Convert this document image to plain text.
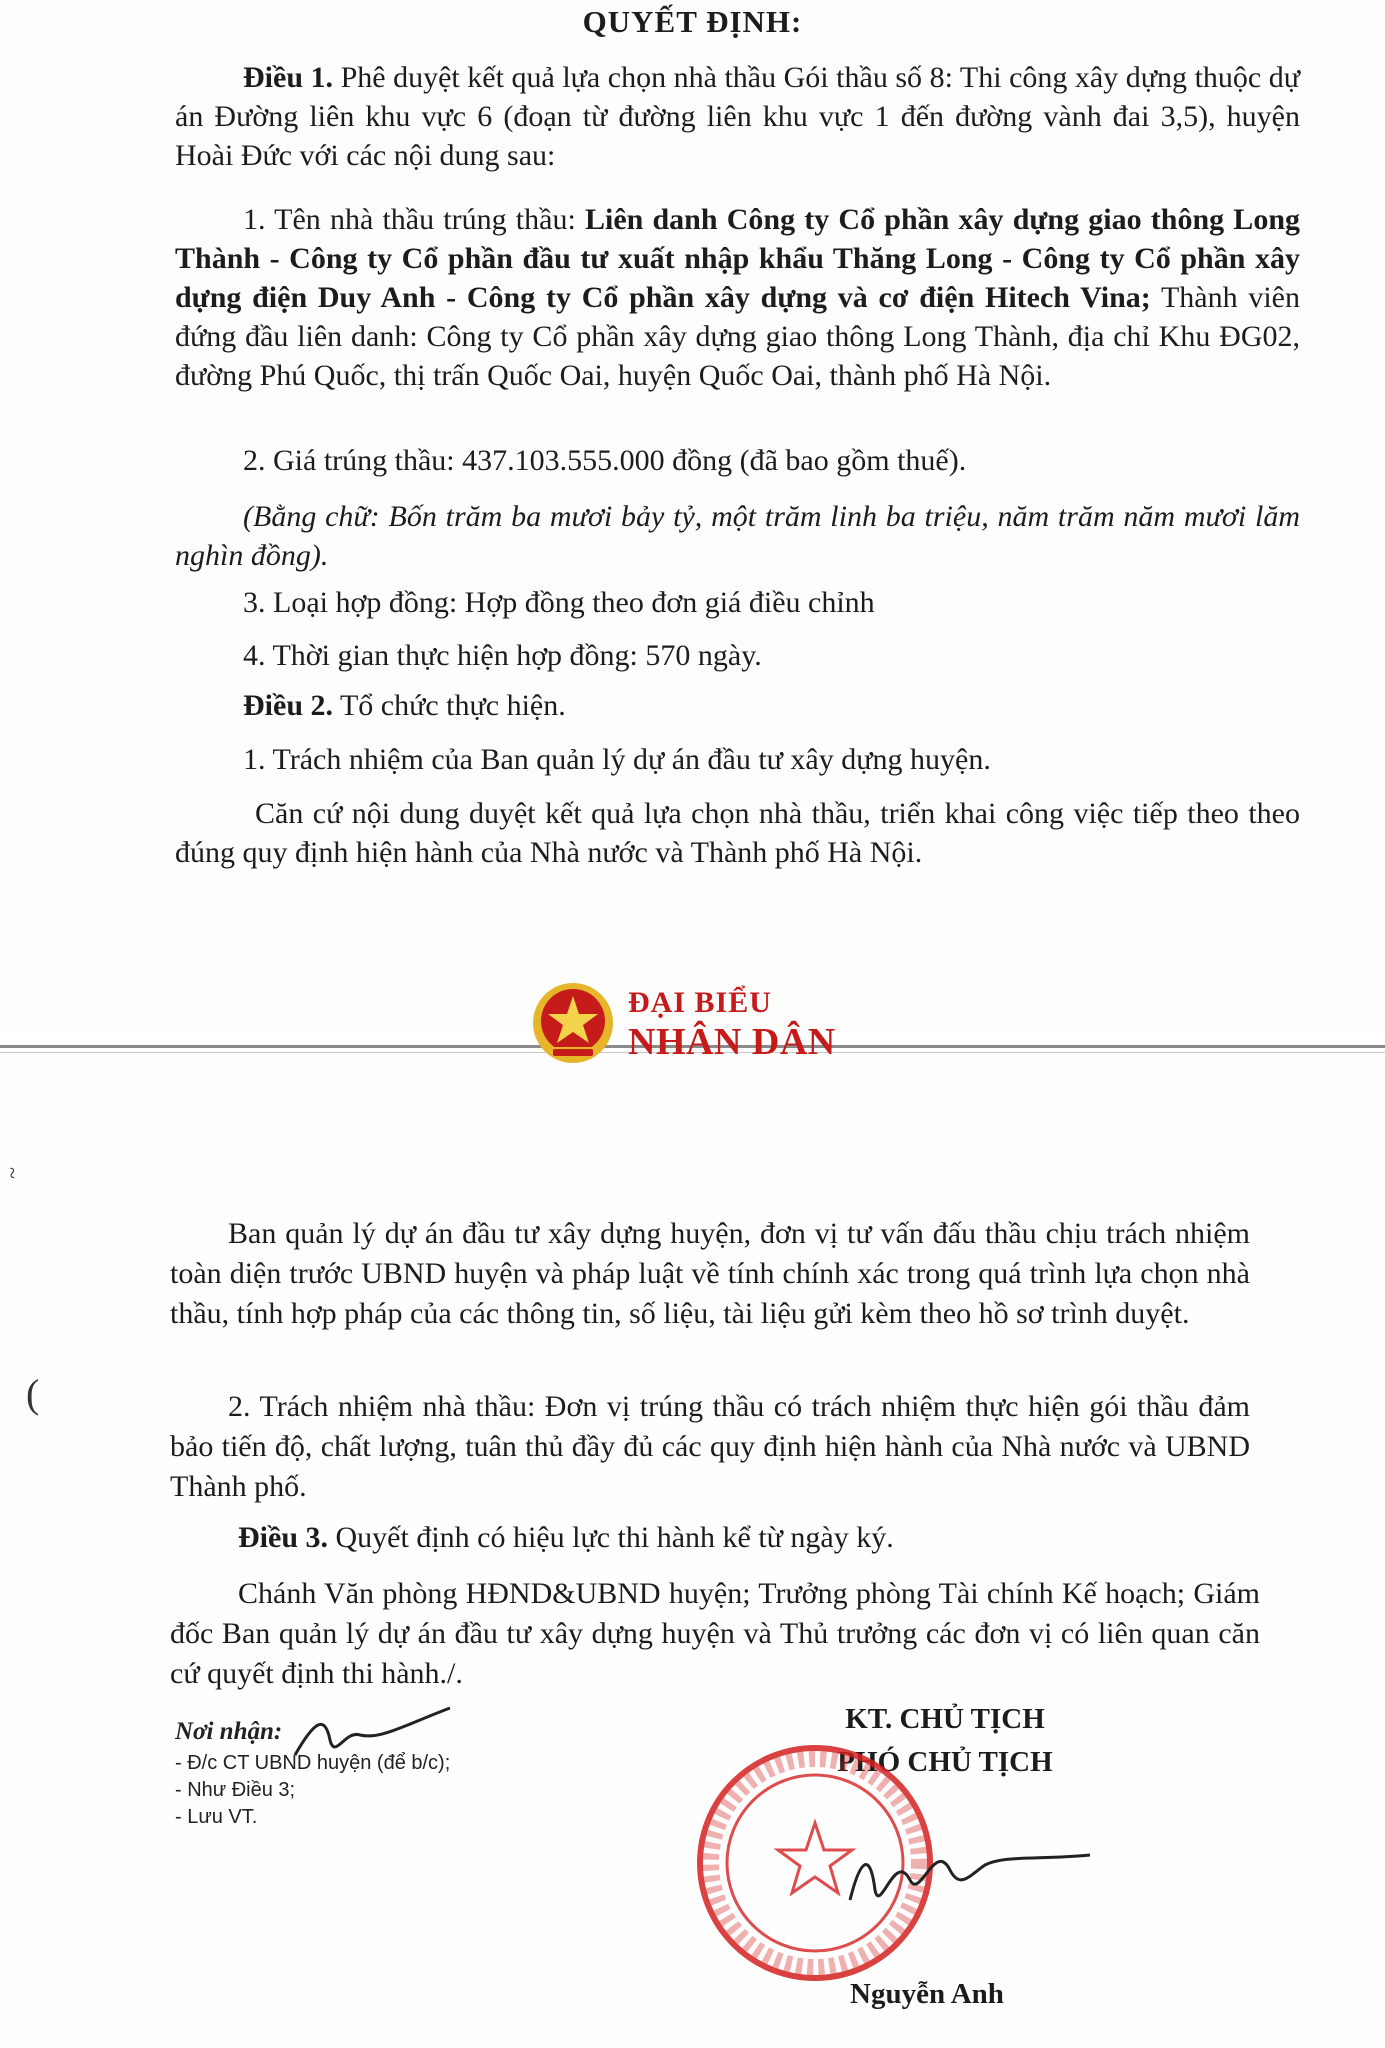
QUYẾT ĐỊNH:

Điều 1. Phê duyệt kết quả lựa chọn nhà thầu Gói thầu số 8: Thi công xây dựng thuộc dự án Đường liên khu vực 6 (đoạn từ đường liên khu vực 1 đến đường vành đai 3,5), huyện Hoài Đức với các nội dung sau:

1. Tên nhà thầu trúng thầu: Liên danh Công ty Cổ phần xây dựng giao thông Long Thành - Công ty Cổ phần đầu tư xuất nhập khẩu Thăng Long - Công ty Cổ phần xây dựng điện Duy Anh - Công ty Cổ phần xây dựng và cơ điện Hitech Vina; Thành viên đứng đầu liên danh: Công ty Cổ phần xây dựng giao thông Long Thành, địa chỉ Khu ĐG02, đường Phú Quốc, thị trấn Quốc Oai, huyện Quốc Oai, thành phố Hà Nội.

2. Giá trúng thầu: 437.103.555.000 đồng (đã bao gồm thuế).

(Bằng chữ: Bốn trăm ba mươi bảy tỷ, một trăm linh ba triệu, năm trăm năm mươi lăm nghìn đồng).

3. Loại hợp đồng: Hợp đồng theo đơn giá điều chỉnh

4. Thời gian thực hiện hợp đồng: 570 ngày.

Điều 2. Tổ chức thực hiện.

1. Trách nhiệm của Ban quản lý dự án đầu tư xây dựng huyện.

Căn cứ nội dung duyệt kết quả lựa chọn nhà thầu, triển khai công việc tiếp theo theo đúng quy định hiện hành của Nhà nước và Thành phố Hà Nội.

ĐẠI BIỂU
NHÂN DÂN
~
(

Ban quản lý dự án đầu tư xây dựng huyện, đơn vị tư vấn đấu thầu chịu trách nhiệm toàn diện trước UBND huyện và pháp luật về tính chính xác trong quá trình lựa chọn nhà thầu, tính hợp pháp của các thông tin, số liệu, tài liệu gửi kèm theo hồ sơ trình duyệt.

2. Trách nhiệm nhà thầu: Đơn vị trúng thầu có trách nhiệm thực hiện gói thầu đảm bảo tiến độ, chất lượng, tuân thủ đầy đủ các quy định hiện hành của Nhà nước và UBND Thành phố.

Điều 3. Quyết định có hiệu lực thi hành kể từ ngày ký.

Chánh Văn phòng HĐND&UBND huyện; Trưởng phòng Tài chính Kế hoạch; Giám đốc Ban quản lý dự án đầu tư xây dựng huyện và Thủ trưởng các đơn vị có liên quan căn cứ quyết định thi hành./.

Nơi nhận:
- Đ/c CT UBND huyện (để b/c);
- Như Điều 3;
- Lưu VT.
KT. CHỦ TỊCH
PHÓ CHỦ TỊCH
Nguyễn Anh
